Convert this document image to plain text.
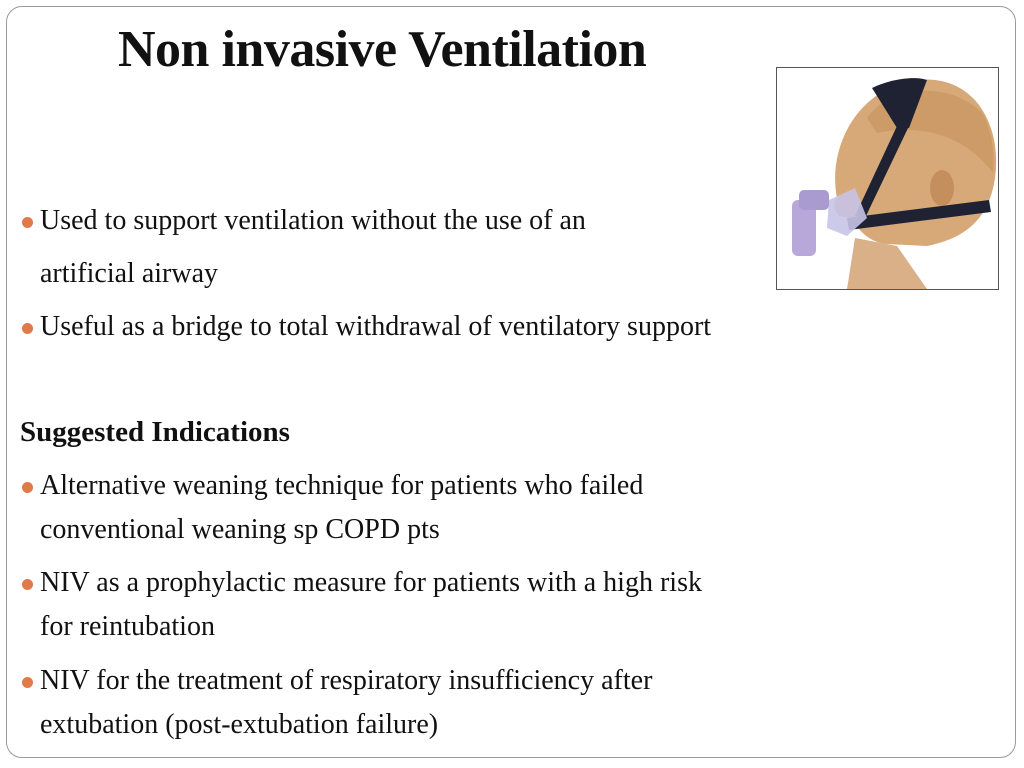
Non invasive Ventilation
Used to support ventilation without the use of an
artificial airway
Useful as a bridge to total withdrawal of ventilatory support
Suggested Indications
Alternative weaning technique for patients who failed
conventional weaning sp COPD pts
NIV as a prophylactic measure for patients with a high risk
for reintubation
NIV for the treatment of respiratory insufficiency after
extubation (post-extubation failure)
